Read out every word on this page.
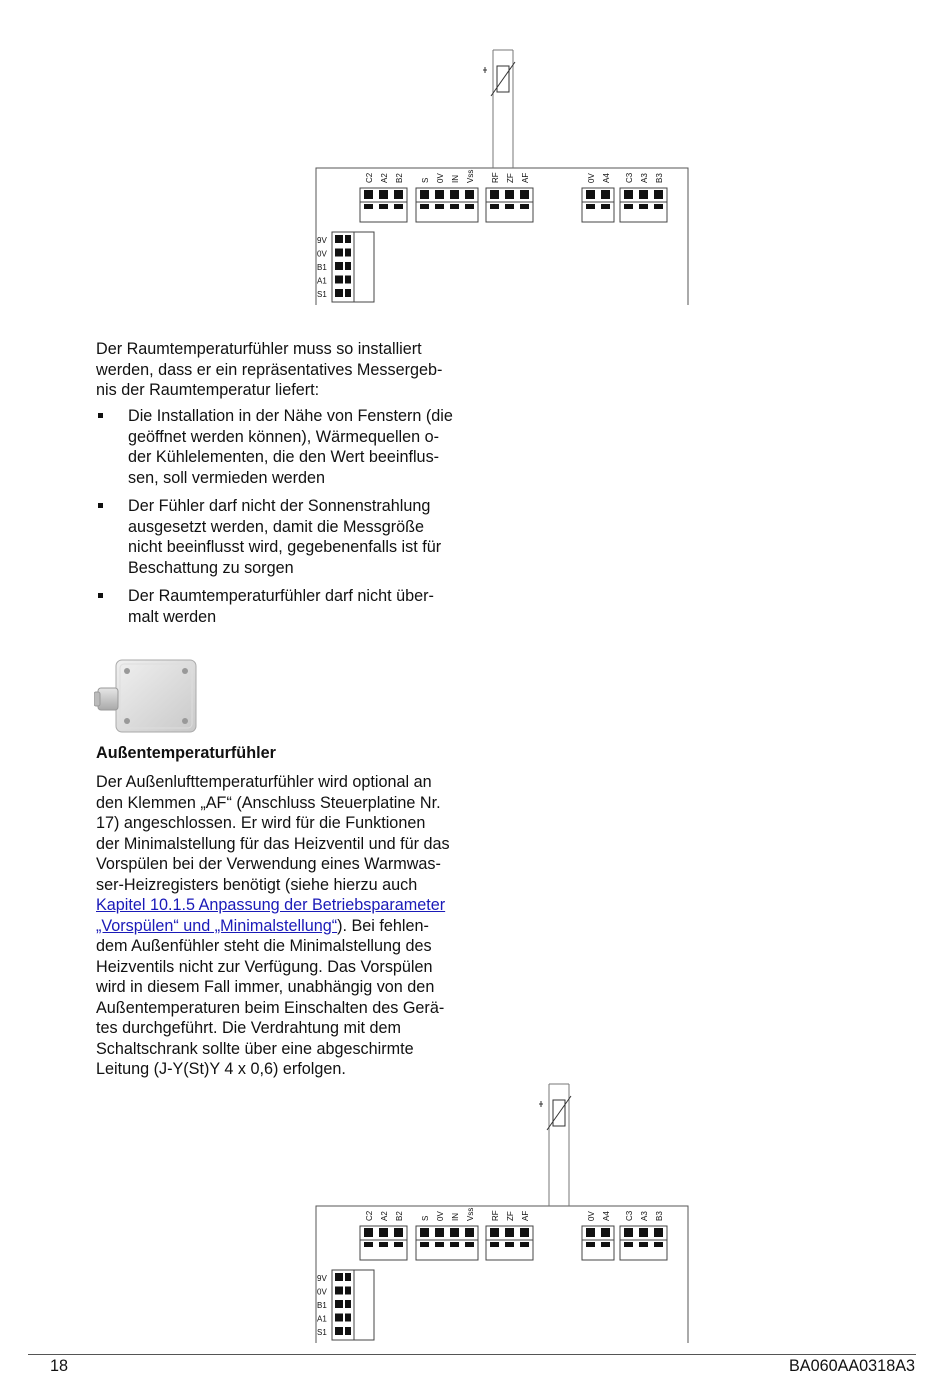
C2 A2 B2 S 0V IN Vss RF ZF AF	0V A4 C3 A3 B3
9V
0V
B1
A1
S1

Der Raumtemperaturfühler muss so installiert
werden, dass er ein repräsentatives Messergeb-
nis der Raumtemperatur liefert:

Die Installation in der Nähe von Fenstern (die
geöffnet werden können), Wärmequellen o-
der Kühlelementen, die den Wert beeinflus-
sen, soll vermieden werden
Der Fühler darf nicht der Sonnenstrahlung
ausgesetzt werden, damit die Messgröße
nicht beeinflusst wird, gegebenenfalls ist für
Beschattung zu sorgen
Der Raumtemperaturfühler darf nicht über-
malt werden

Außentemperaturfühler

Der Außenlufttemperaturfühler wird optional an
den Klemmen „AF“ (Anschluss Steuerplatine Nr.
17) angeschlossen. Er wird für die Funktionen
der Minimalstellung für das Heizventil und für das
Vorspülen bei der Verwendung eines Warmwas-
ser-Heizregisters benötigt (siehe hierzu auch
Kapitel 10.1.5 Anpassung der Betriebsparameter
„Vorspülen“ und „Minimalstellung“). Bei fehlen-
dem Außenfühler steht die Minimalstellung des
Heizventils nicht zur Verfügung. Das Vorspülen
wird in diesem Fall immer, unabhängig von den
Außentemperaturen beim Einschalten des Gerä-
tes durchgeführt. Die Verdrahtung mit dem
Schaltschrank sollte über eine abgeschirmte
Leitung (J-Y(St)Y 4 x 0,6) erfolgen.

C2 A2 B2 S 0V IN Vss RF ZF AF	0V A4 C3 A3 B3
9V
0V
B1
A1
S1
18	BA060AA0318A3
